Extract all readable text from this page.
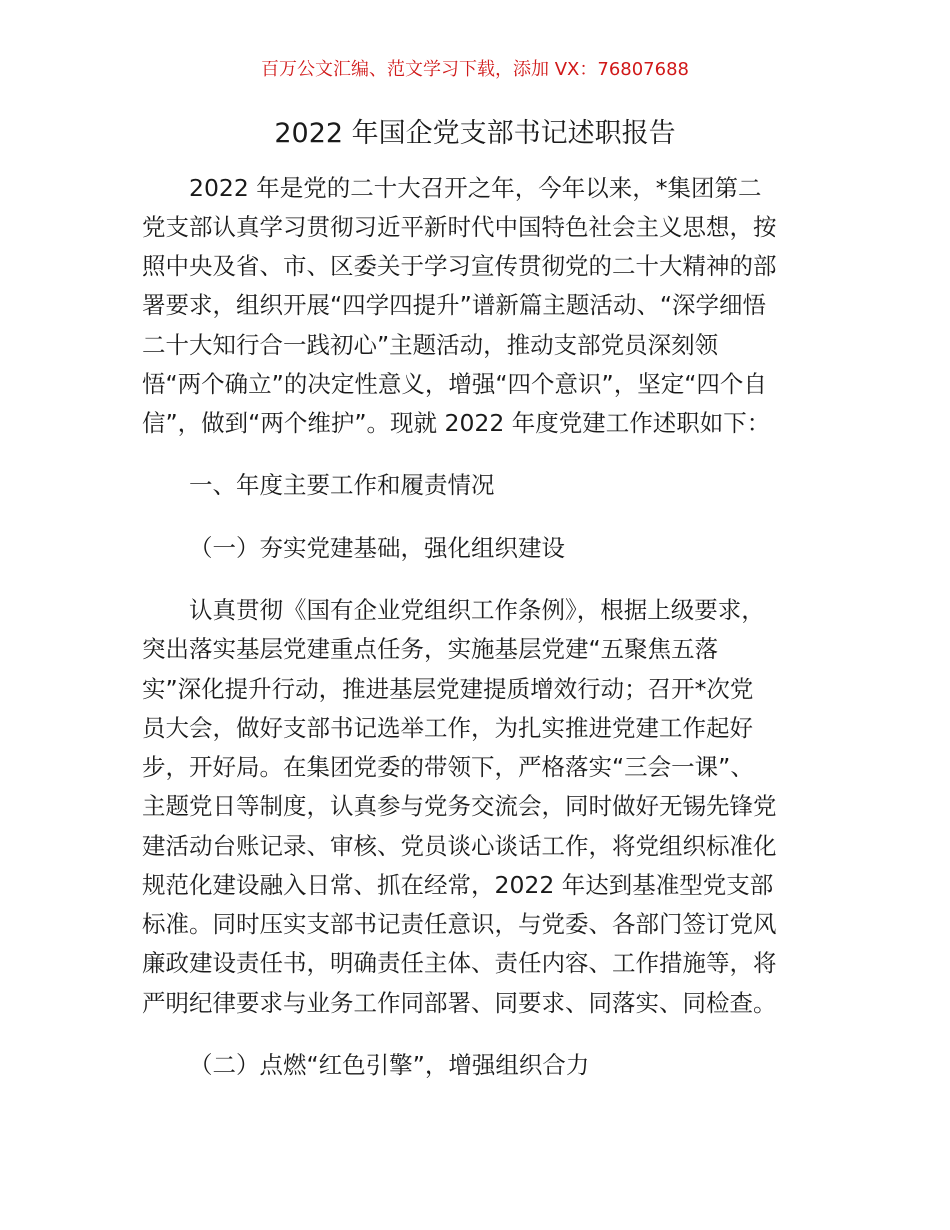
百万公文汇编、范文学习下载，添加 VX：76807688
2022 年国企党支部书记述职报告

2022 年是党的二十大召开之年，今年以来，*集团第二

党支部认真学习贯彻习近平新时代中国特色社会主义思想，按

照中央及省、市、区委关于学习宣传贯彻党的二十大精神的部

署要求，组织开展“四学四提升”谱新篇主题活动、“深学细悟

二十大知行合一践初心”主题活动，推动支部党员深刻领

悟“两个确立”的决定性意义，增强“四个意识”，坚定“四个自

信”，做到“两个维护”。现就 2022 年度党建工作述职如下：

一、年度主要工作和履责情况

（一）夯实党建基础，强化组织建设

认真贯彻《国有企业党组织工作条例》，根据上级要求，

突出落实基层党建重点任务，实施基层党建“五聚焦五落

实”深化提升行动，推进基层党建提质增效行动；召开*次党

员大会，做好支部书记选举工作，为扎实推进党建工作起好

步，开好局。在集团党委的带领下，严格落实“三会一课”、

主题党日等制度，认真参与党务交流会，同时做好无锡先锋党

建活动台账记录、审核、党员谈心谈话工作，将党组织标准化

规范化建设融入日常、抓在经常，2022 年达到基准型党支部

标准。同时压实支部书记责任意识，与党委、各部门签订党风

廉政建设责任书，明确责任主体、责任内容、工作措施等，将

严明纪律要求与业务工作同部署、同要求、同落实、同检查。

（二）点燃“红色引擎”，增强组织合力
